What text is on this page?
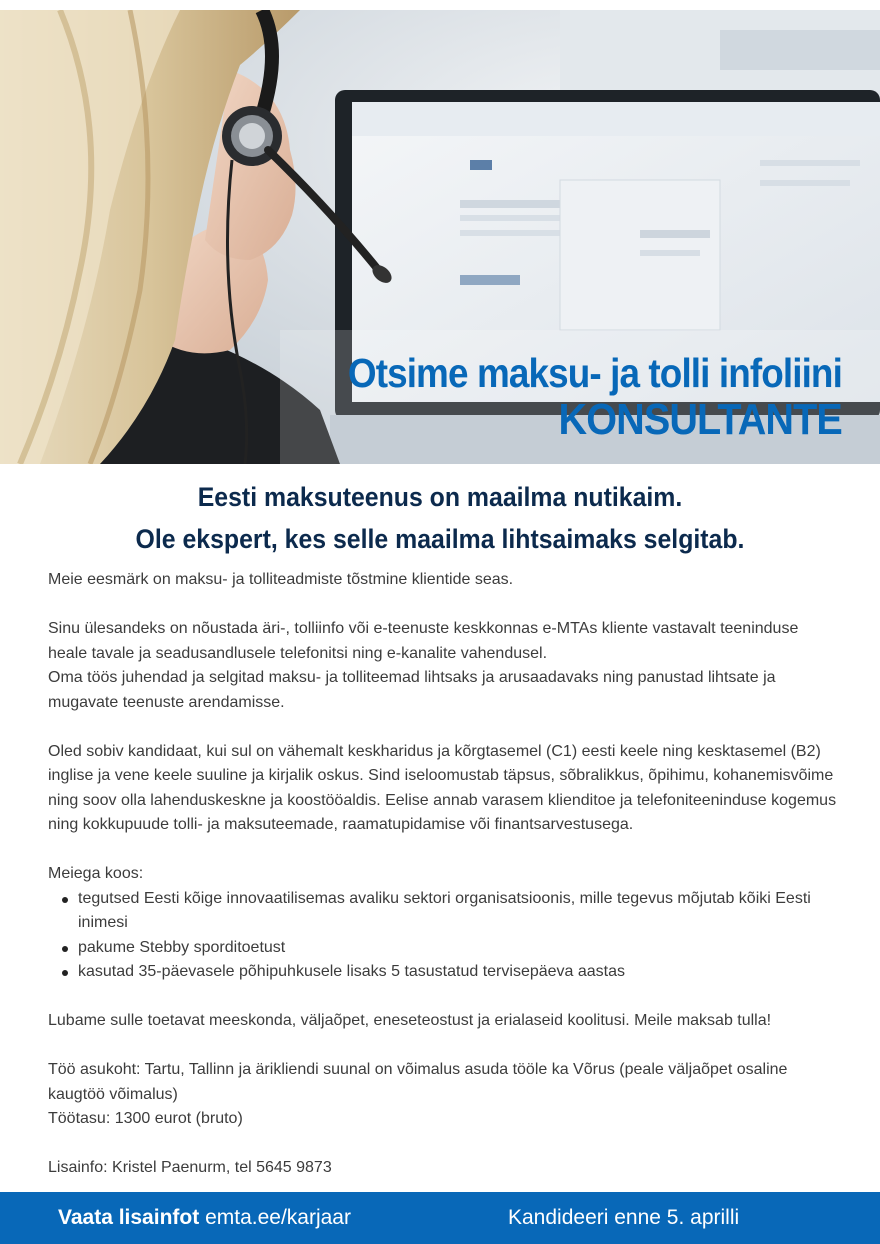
Otsime maksu- ja tolli infoliini
KONSULTANTE
Eesti maksuteenus on maailma nutikaim.
Ole ekspert, kes selle maailma lihtsaimaks selgitab.

Meie eesmärk on maksu- ja tolliteadmiste tõstmine klientide seas.

Sinu ülesandeks on nõustada äri-, tolliinfo või e-teenuste keskkonnas e-MTAs kliente vastavalt teeninduse heale tavale ja seadusandlusele telefonitsi ning e-kanalite vahendusel.

Oma töös juhendad ja selgitad maksu- ja tolliteemad lihtsaks ja arusaadavaks ning panustad lihtsate ja mugavate teenuste arendamisse.

Oled sobiv kandidaat, kui sul on vähemalt keskharidus ja kõrgtasemel (C1) eesti keele ning kesktasemel (B2) inglise ja vene keele suuline ja kirjalik oskus. Sind iseloomustab täpsus, sõbralikkus, õpihimu, kohanemisvõime ning soov olla lahenduskeskne ja koostööaldis. Eelise annab varasem klienditoe ja telefoniteeninduse kogemus ning kokkupuude tolli- ja maksuteemade, raamatupidamise või finantsarvestusega.

Meiega koos:

tegutsed Eesti kõige innovaatilisemas avaliku sektori organisatsioonis, mille tegevus mõjutab kõiki Eesti inimesi
pakume Stebby sporditoetust
kasutad 35-päevasele põhipuhkusele lisaks 5 tasustatud tervisepäeva aastas

Lubame sulle toetavat meeskonda, väljaõpet, eneseteostust ja erialaseid koolitusi. Meile maksab tulla!

Töö asukoht: Tartu, Tallinn ja ärikliendi suunal on võimalus asuda tööle ka Võrus (peale väljaõpet osaline kaugtöö võimalus)

Töötasu: 1300 eurot (bruto)

Lisainfo: Kristel Paenurm, tel 5645 9873

Vaata lisainfot emta.ee/karjaar	Kandideeri enne 5. aprilli
